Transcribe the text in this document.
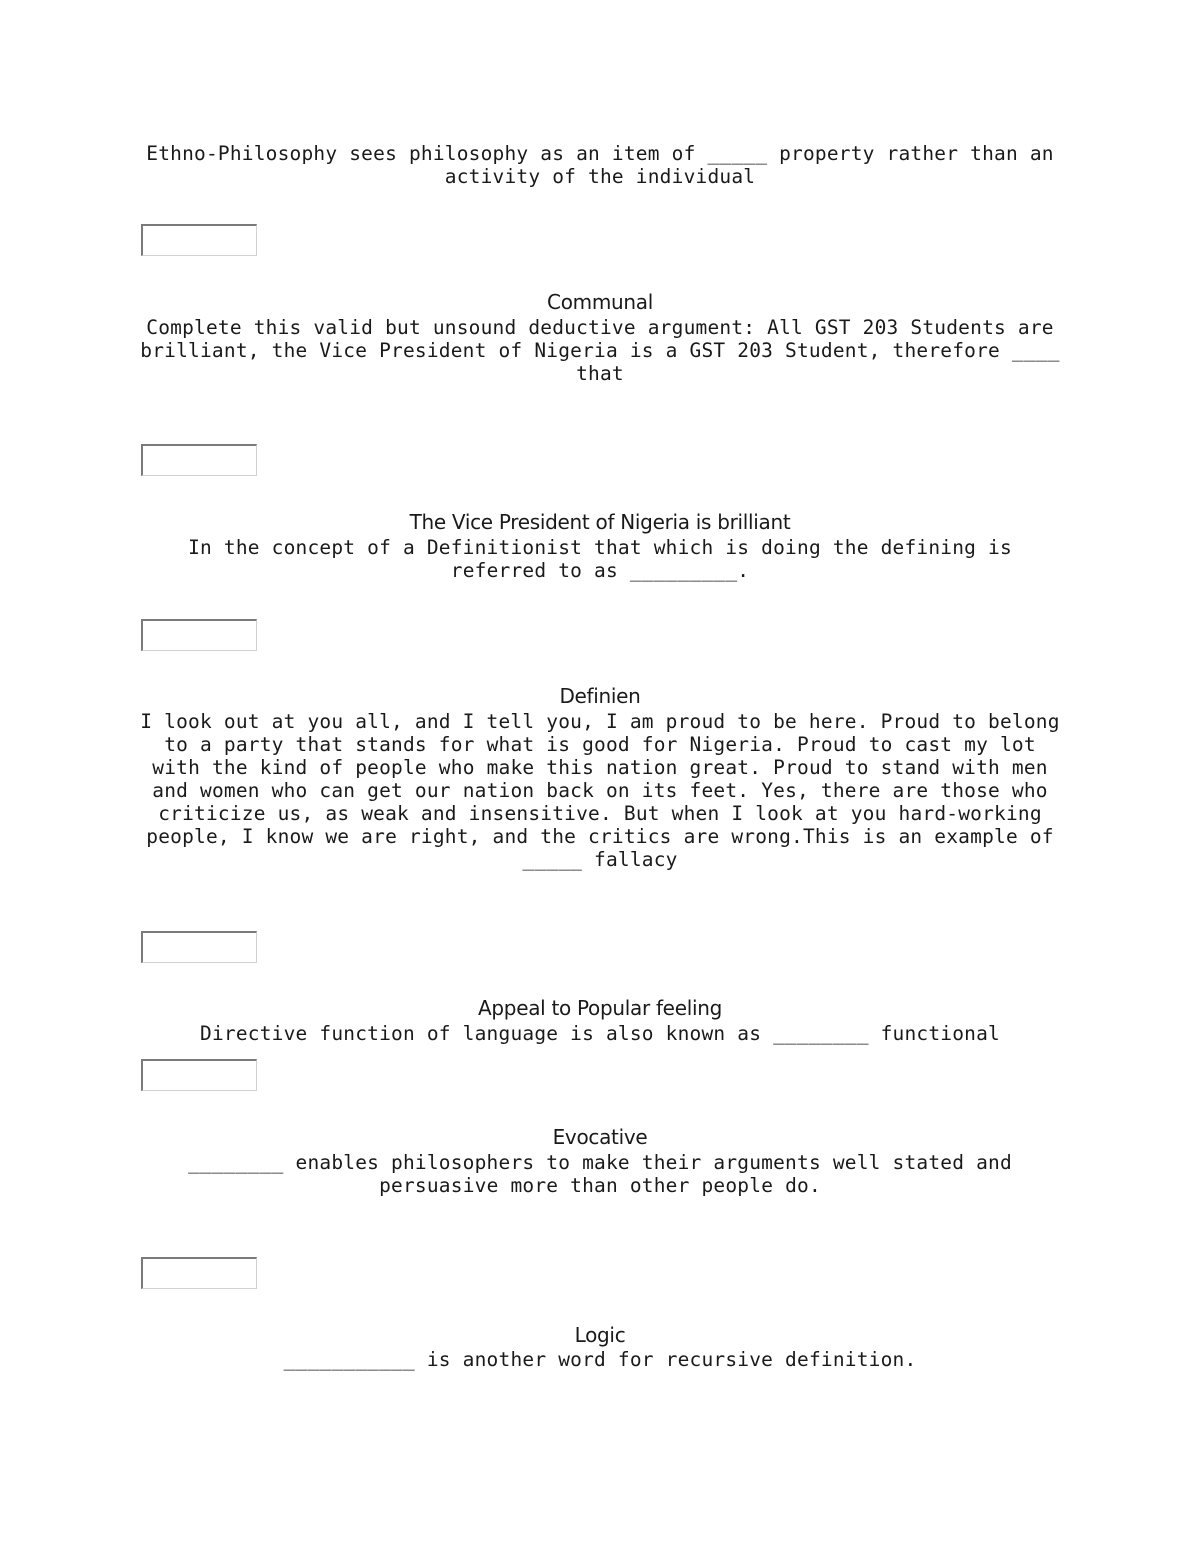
Ethno-Philosophy sees philosophy as an item of _____ property rather than an
activity of the individual
Communal
Complete this valid but unsound deductive argument: All GST 203 Students are
brilliant, the Vice President of Nigeria is a GST 203 Student, therefore ____
that
The Vice President of Nigeria is brilliant
In the concept of a Definitionist that which is doing the defining is
referred to as _________.
Definien
I look out at you all, and I tell you, I am proud to be here. Proud to belong
to a party that stands for what is good for Nigeria. Proud to cast my lot
with the kind of people who make this nation great. Proud to stand with men
and women who can get our nation back on its feet. Yes, there are those who
criticize us, as weak and insensitive. But when I look at you hard-working
people, I know we are right, and the critics are wrong.This is an example of
_____ fallacy
Appeal to Popular feeling
Directive function of language is also known as ________ functional
Evocative
________ enables philosophers to make their arguments well stated and
persuasive more than other people do.
Logic
___________ is another word for recursive definition.
